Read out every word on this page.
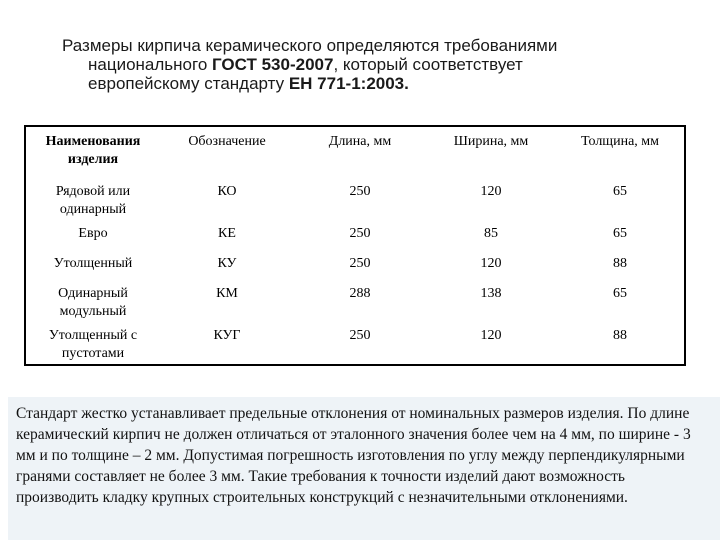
Размеры кирпича керамического определяются требованиями
национального ГОСТ 530-2007, который соответствует
европейскому стандарту ЕН 771-1:2003.
Наименования изделия	Обозначение	Длина, мм	Ширина, мм	Толщина, мм
Рядовой или одинарный	КО	250	120	65
Евро	КЕ	250	85	65
Утолщенный	КУ	250	120	88
Одинарный модульный	КМ	288	138	65
Утолщенный с пустотами	КУГ	250	120	88
Стандарт жестко устанавливает предельные отклонения от номинальных размеров изделия. По длине керамический кирпич не должен отличаться от эталонного значения более чем на 4 мм, по ширине - 3 мм и по толщине – 2 мм. Допустимая погрешность изготовления по углу между перпендикулярными гранями составляет не более 3 мм. Такие требования к точности изделий дают возможность производить кладку крупных строительных конструкций с незначительными отклонениями.
